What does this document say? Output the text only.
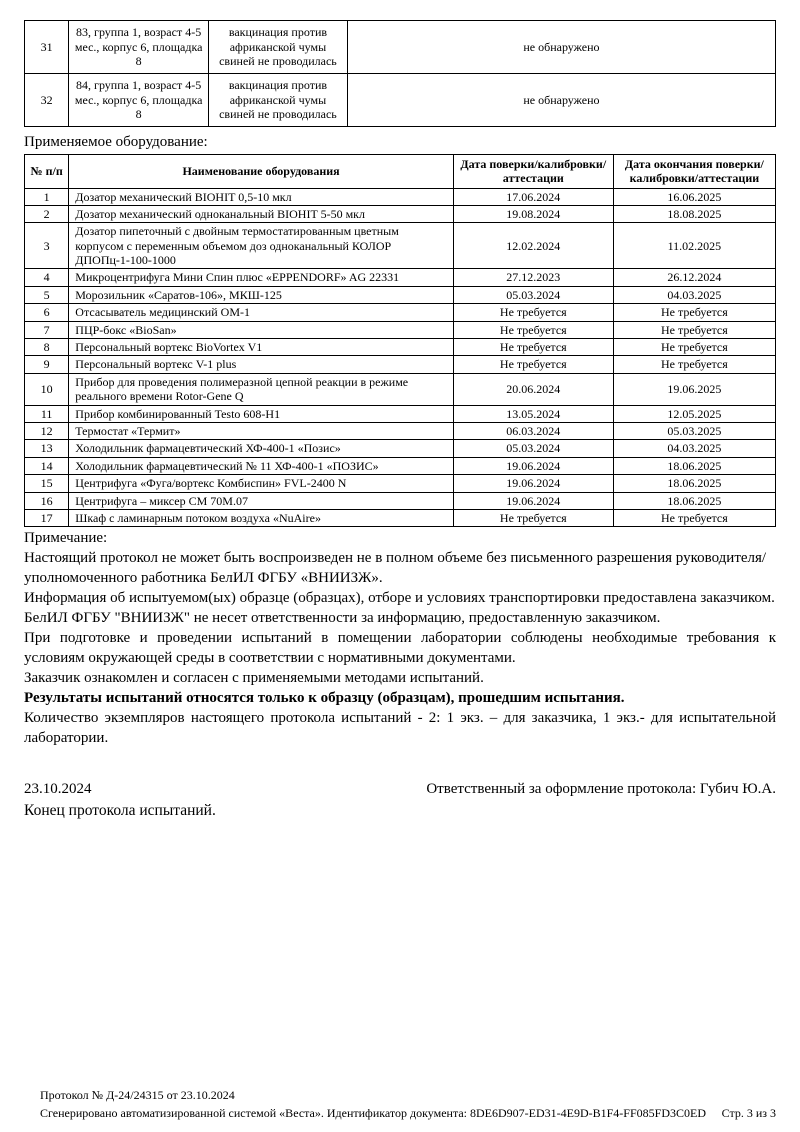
31	83, группа 1, возраст 4-5 мес., корпус 6, площадка 8	вакцинация против африканской чумы свиней не проводилась	не обнаружено
32	84, группа 1, возраст 4-5 мес., корпус 6, площадка 8	вакцинация против африканской чумы свиней не проводилась	не обнаружено
Применяемое оборудование:
№ п/п	Наименование оборудования	Дата поверки/калибровки/аттестации	Дата окончания поверки/калибровки/аттестации
1	Дозатор механический BIOHIT 0,5-10 мкл	17.06.2024	16.06.2025
2	Дозатор механический одноканальный BIOHIT 5-50 мкл	19.08.2024	18.08.2025
3	Дозатор пипеточный с двойным термостатированным цветным корпусом с переменным объемом доз одноканальный КОЛОР ДПОПц-1-100-1000	12.02.2024	11.02.2025
4	Микроцентрифуга Мини Спин плюс «EPPENDORF» AG 22331	27.12.2023	26.12.2024
5	Морозильник «Саратов-106», МКШ-125	05.03.2024	04.03.2025
6	Отсасыватель медицинский ОМ-1	Не требуется	Не требуется
7	ПЦР-бокс «BioSan»	Не требуется	Не требуется
8	Персональный вортекс BioVortex V1	Не требуется	Не требуется
9	Персональный вортекс V-1 plus	Не требуется	Не требуется
10	Прибор для проведения полимеразной цепной реакции в режиме реального времени Rotor-Gene Q	20.06.2024	19.06.2025
11	Прибор комбинированный Testo 608-H1	13.05.2024	12.05.2025
12	Термостат «Термит»	06.03.2024	05.03.2025
13	Холодильник фармацевтический ХФ-400-1 «Позис»	05.03.2024	04.03.2025
14	Холодильник фармацевтический № 11 ХФ-400-1 «ПОЗИС»	19.06.2024	18.06.2025
15	Центрифуга «Фуга/вортекс Комбиспин» FVL-2400 N	19.06.2024	18.06.2025
16	Центрифуга – миксер СМ 70М.07	19.06.2024	18.06.2025
17	Шкаф с ламинарным потоком воздуха «NuAire»	Не требуется	Не требуется
Примечание:

Настоящий протокол не может быть воспроизведен не в полном объеме без письменного разрешения руководителя/уполномоченного работника БелИЛ ФГБУ «ВНИИЗЖ».

Информация об испытуемом(ых) образце (образцах), отборе и условиях транспортировки предоставлена заказчиком.

БелИЛ ФГБУ "ВНИИЗЖ" не несет ответственности за информацию, предоставленную заказчиком.

При подготовке и проведении испытаний в помещении лаборатории соблюдены необходимые требования к условиям окружающей среды в соответствии с нормативными документами.

Заказчик ознакомлен и согласен с применяемыми методами испытаний.

Результаты испытаний относятся только к образцу (образцам), прошедшим испытания.

Количество экземпляров настоящего протокола испытаний - 2: 1 экз. – для заказчика, 1 экз.- для испытательной лаборатории.

23.10.2024	Ответственный за оформление протокола: Губич Ю.А.
Конец протокола испытаний.
Протокол № Д-24/24315 от 23.10.2024
Сгенерировано автоматизированной системой «Веста». Идентификатор документа: 8DE6D907-ED31-4E9D-B1F4-FF085FD3C0ED Стр. 3 из 3
